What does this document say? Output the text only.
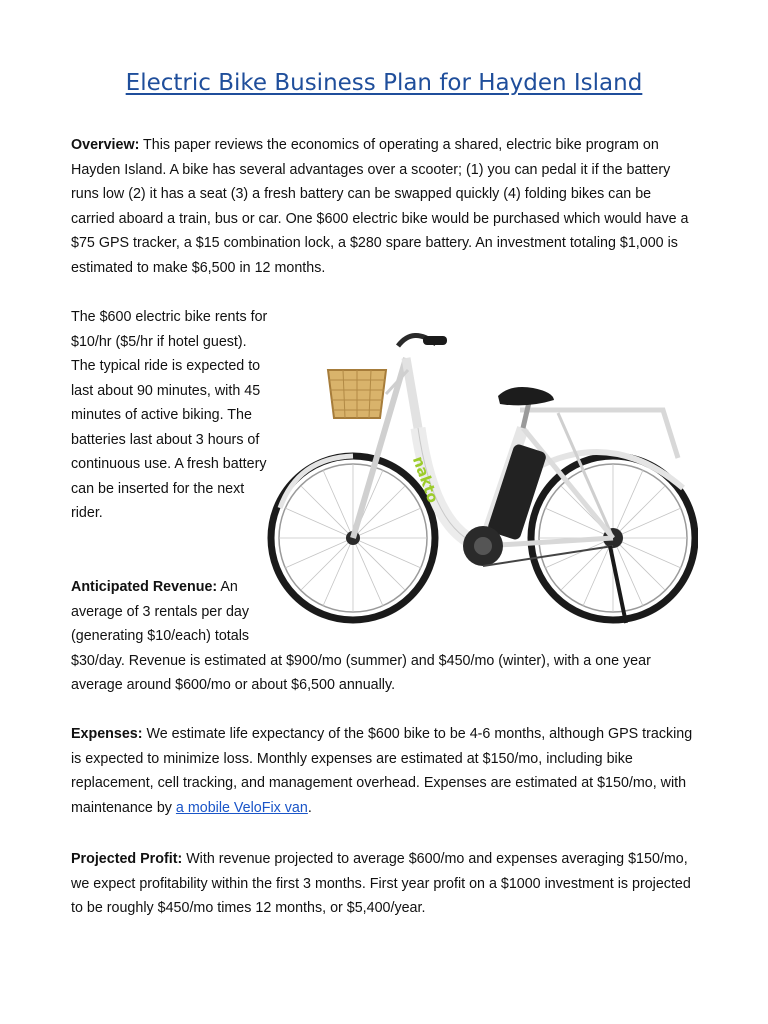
Electric Bike Business Plan for Hayden Island

Overview: This paper reviews the economics of operating a shared, electric bike program on Hayden Island. A bike has several advantages over a scooter; (1) you can pedal it if the battery runs low (2) it has a seat (3) a fresh battery can be swapped quickly (4) folding bikes can be carried aboard a train, bus or car. One $600 electric bike would be purchased which would have a $75 GPS tracker, a $15 combination lock, a $280 spare battery. An investment totaling $1,000 is estimated to make $6,500 in 12 months.

The $600 electric bike rents for $10/hr ($5/hr if hotel guest). The typical ride is expected to last about 90 minutes, with 45 minutes of active biking. The batteries last about 3 hours of continuous use. A fresh battery can be inserted for the next rider.

nakto

Anticipated Revenue: An average of 3 rentals per day (generating $10/each) totals
$30/day. Revenue is estimated at $900/mo (summer) and $450/mo (winter), with a one year average around $600/mo or about $6,500 annually.

Expenses: We estimate life expectancy of the $600 bike to be 4-6 months, although GPS tracking is expected to minimize loss. Monthly expenses are estimated at $150/mo, including bike replacement, cell tracking, and management overhead. Expenses are estimated at $150/mo, with maintenance by a mobile VeloFix van.

Projected Profit: With revenue projected to average $600/mo and expenses averaging $150/mo, we expect profitability within the first 3 months. First year profit on a $1000 investment is projected to be roughly $450/mo times 12 months, or $5,400/year.
